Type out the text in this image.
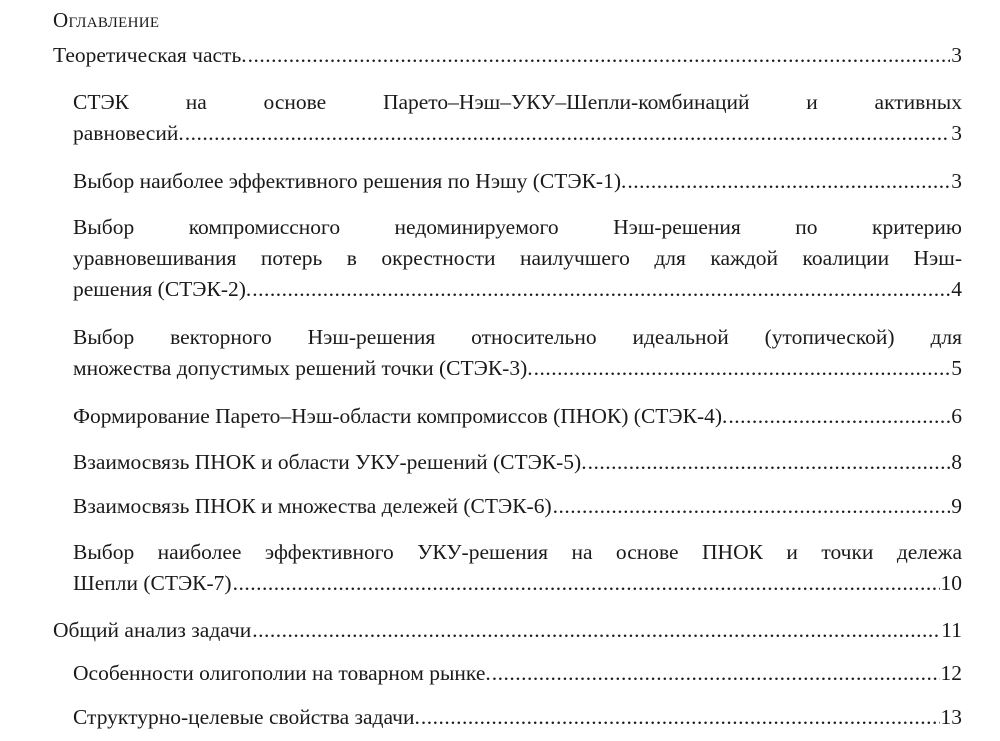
Оглавление
Теоретическая часть. .....	3
СТЭК на основе Парето–Нэш–УКУ–Шепли-комбинаций и активных
равновесий. .....	3
Выбор наиболее эффективного решения по Нэшу (СТЭК-1). .....	3
Выбор компромиссного недоминируемого Нэш-решения по критерию
уравновешивания потерь в окрестности наилучшего для каждой коалиции Нэш-
решения (СТЭК-2). .....	4
Выбор векторного Нэш-решения относительно идеальной (утопической) для
множества допустимых решений точки (СТЭК-3). .....	5
Формирование Парето–Нэш-области компромиссов (ПНОК) (СТЭК-4). .....	6
Взаимосвязь ПНОК и области УКУ-решений (СТЭК-5). .....	8
Взаимосвязь ПНОК и множества дележей (СТЭК-6) .....	9
Выбор наиболее эффективного УКУ-решения на основе ПНОК и точки дележа
Шепли (СТЭК-7) .....	10
Общий анализ задачи .....	11
Особенности олигополии на товарном рынке. .....	12
Структурно-целевые свойства задачи. .....	13
